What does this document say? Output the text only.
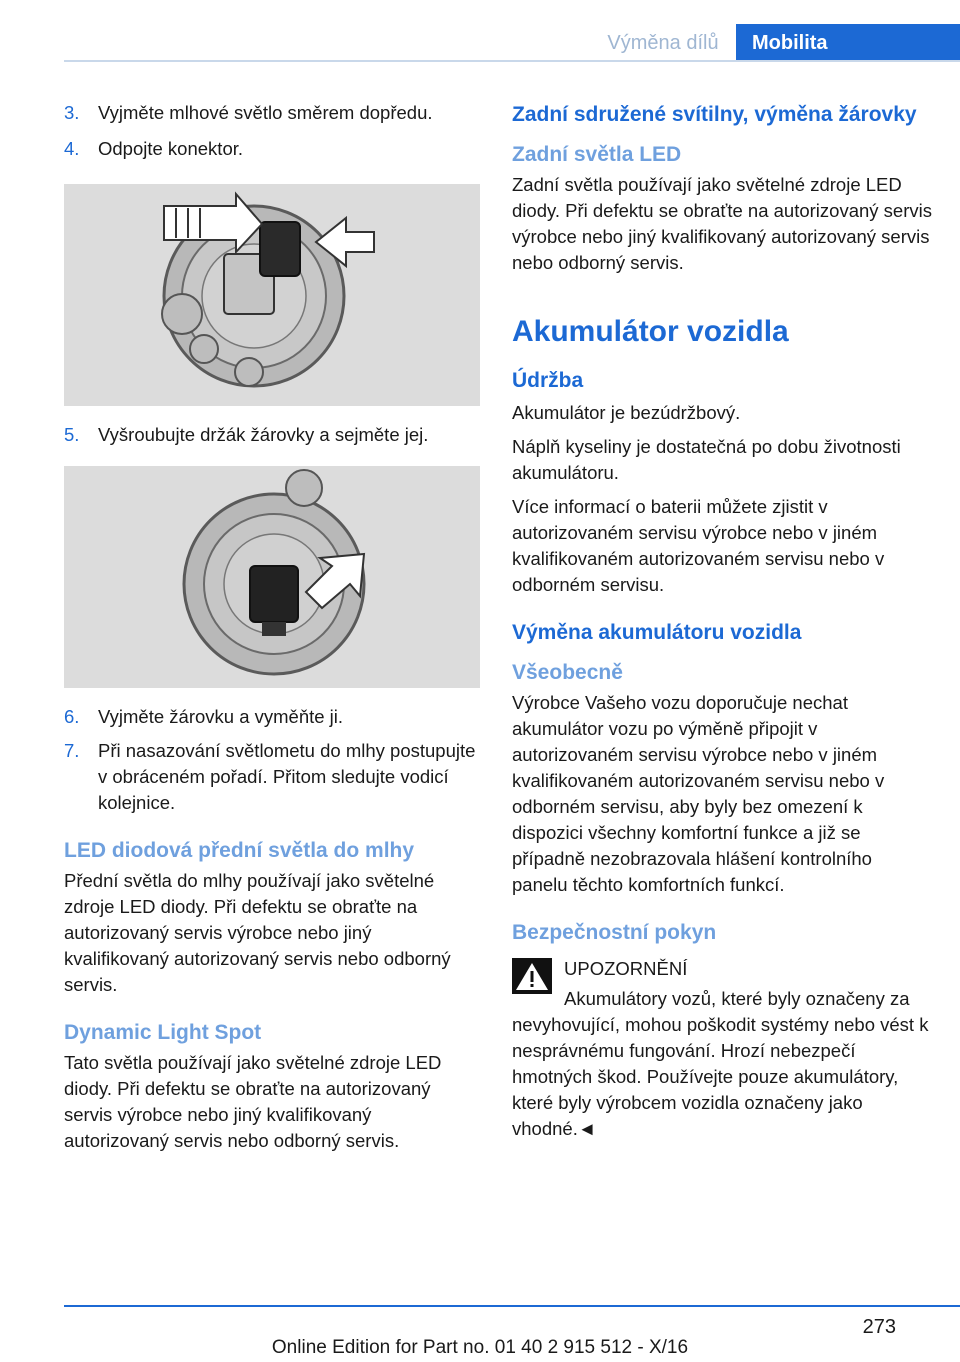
Výměna dílů	Mobilita
3.	Vyjměte mlhové světlo směrem dopředu.
4.	Odpojte konektor.
5.	Vyšroubujte držák žárovky a sejměte jej.
6.	Vyjměte žárovku a vyměňte ji.
7.	Při nasazování světlometu do mlhy postupujte v obráceném pořadí. Přitom sledujte vodicí kolejnice.
LED diodová přední světla do mlhy

Přední světla do mlhy používají jako světelné zdroje LED diody. Při defektu se obraťte na autorizovaný servis výrobce nebo jiný kvalifikovaný autorizovaný servis nebo odborný servis.

Dynamic Light Spot

Tato světla používají jako světelné zdroje LED diody. Při defektu se obraťte na autorizovaný servis výrobce nebo jiný kvalifikovaný autorizovaný servis nebo odborný servis.

Zadní sdružené svítilny, výměna žárovky
Zadní světla LED

Zadní světla používají jako světelné zdroje LED diody. Při defektu se obraťte na autorizovaný servis výrobce nebo jiný kvalifikovaný autorizovaný servis nebo odborný servis.

Akumulátor vozidla
Údržba

Akumulátor je bezúdržbový.

Náplň kyseliny je dostatečná po dobu životnosti akumulátoru.

Více informací o baterii můžete zjistit v autorizovaném servisu výrobce nebo v jiném kvalifikovaném autorizovaném servisu nebo v odborném servisu.

Výměna akumulátoru vozidla
Všeobecně

Výrobce Vašeho vozu doporučuje nechat akumulátor vozu po výměně připojit v autorizovaném servisu výrobce nebo v jiném kvalifikovaném autorizovaném servisu nebo v odborném servisu, aby byly bez omezení k dispozici všechny komfortní funkce a již se případně nezobrazovala hlášení kontrolního panelu těchto komfortních funkcí.

Bezpečnostní pokyn

UPOZORNĚNÍ

Akumulátory vozů, které byly označeny za nevyhovující, mohou poškodit systémy nebo vést k nesprávnému fungování. Hrozí nebezpečí hmotných škod. Používejte pouze akumulátory, které byly výrobcem vozidla označeny jako vhodné.◄

273
Online Edition for Part no. 01 40 2 915 512 - X/16
